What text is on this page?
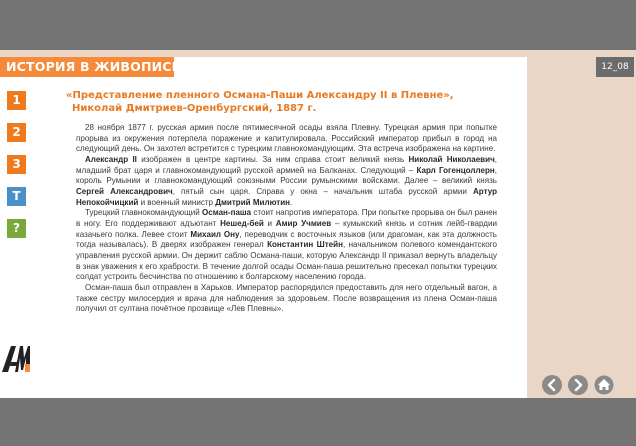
ИСТОРИЯ В ЖИВОПИСИ	12_08
1
2
3
T
?
«Представление пленного Османа-Паши Александру II в Плевне»,
Николай Дмитриев-Оренбургский, 1887 г.

28 ноября 1877 г. русская армия после пятимесячной осады взяла Плевну. Турецкая армия при попытке прорыва из окружения потерпела поражение и капитулировала. Российский император прибыл в город на следующий день. Он захотел встретится с турецким главнокомандующим. Эта встреча изображена на картине.

Александр II изображен в центре картины. За ним справа стоит великий князь Николай Николаевич, младший брат царя и главнокомандующий русской армией на Балканах. Следующий – Карл Гогенцоллерн, король Румынии и главнокомандующий союзными России румынскими войсками. Далее – великий князь Сергей Александрович, пятый сын царя. Справа у окна – начальник штаба русской армии Артур Непокойчицкий и военный министр Дмитрий Милютин.

Турецкий главнокомандующий Осман-паша стоит напротив императора. При попытке прорыва он был ранен в ногу. Его поддерживают адъютант Нешед-бей и Амир Учмиев – кумыкский князь и сотник лейб-гвардии казачьего полка. Левее стоит Михаил Ону, переводчик с восточных языков (или драгоман, как эта должность тогда называлась). В дверях изображен генерал Константин Штейн, начальником полевого комендантского управления русской армии. Он держит саблю Османа-паши, которую Александр II приказал вернуть владельцу в знак уважения к его храбрости. В течение долгой осады Осман-паша решительно пресекал попытки турецких солдат устроить бесчинства по отношению к болгарскому населению города.

Осман-паша был отправлен в Харьков. Император распорядился предоставить для него отдельный вагон, а также сестру милосердия и врача для наблюдения за здоровьем. После возвращения из плена Осман-паша получил от султана почётное прозвище «Лев Плевны».
